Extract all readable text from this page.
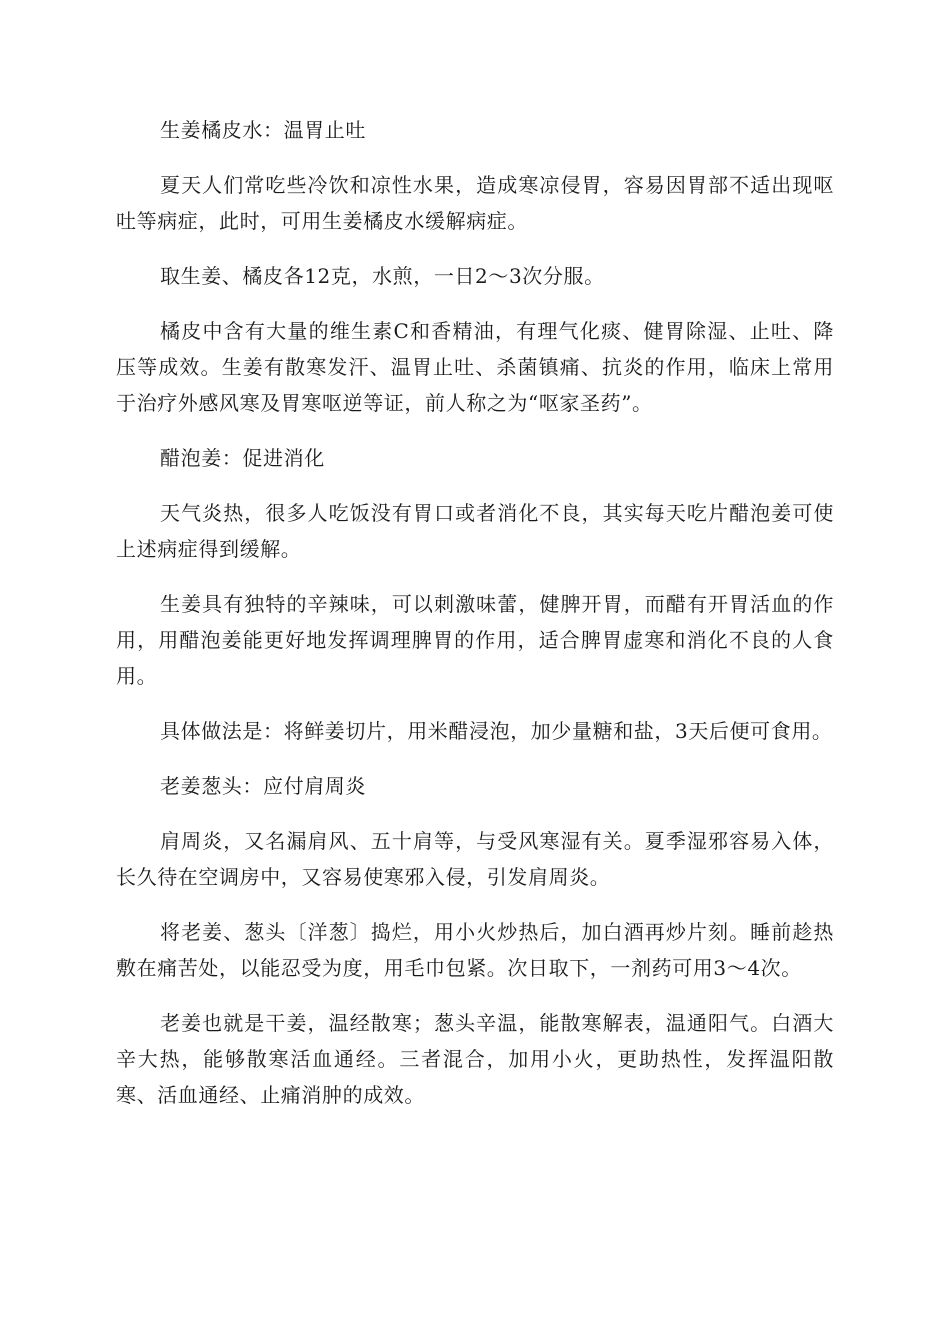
生姜橘皮水：温胃止吐

夏天人们常吃些冷饮和凉性水果，造成寒凉侵胃，容易因胃部不适出现呕吐等病症，此时，可用生姜橘皮水缓解病症。

取生姜、橘皮各12克，水煎，一日2～3次分服。

橘皮中含有大量的维生素C和香精油，有理气化痰、健胃除湿、止吐、降压等成效。生姜有散寒发汗、温胃止吐、杀菌镇痛、抗炎的作用，临床上常用于治疗外感风寒及胃寒呕逆等证，前人称之为“呕家圣药”。

醋泡姜：促进消化

天气炎热，很多人吃饭没有胃口或者消化不良，其实每天吃片醋泡姜可使上述病症得到缓解。

生姜具有独特的辛辣味，可以刺激味蕾，健脾开胃，而醋有开胃活血的作用，用醋泡姜能更好地发挥调理脾胃的作用，适合脾胃虚寒和消化不良的人食用。

具体做法是：将鲜姜切片，用米醋浸泡，加少量糖和盐，3天后便可食用。

老姜葱头：应付肩周炎

肩周炎，又名漏肩风、五十肩等，与受风寒湿有关。夏季湿邪容易入体，长久待在空调房中，又容易使寒邪入侵，引发肩周炎。

将老姜、葱头〔洋葱〕捣烂，用小火炒热后，加白酒再炒片刻。睡前趁热敷在痛苦处，以能忍受为度，用毛巾包紧。次日取下，一剂药可用3～4次。

老姜也就是干姜，温经散寒；葱头辛温，能散寒解表，温通阳气。白酒大辛大热，能够散寒活血通经。三者混合，加用小火，更助热性，发挥温阳散寒、活血通经、止痛消肿的成效。
